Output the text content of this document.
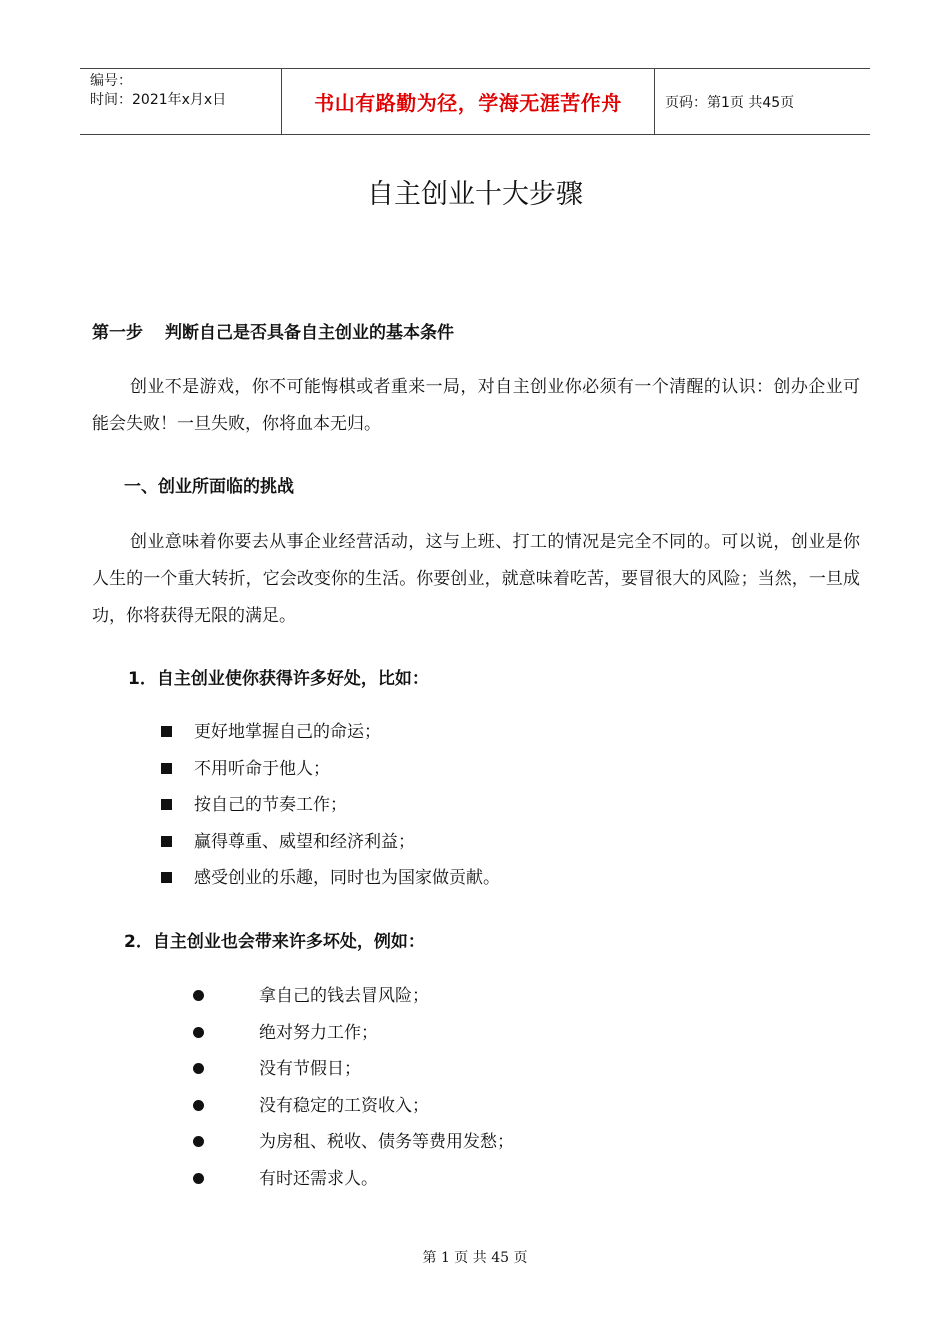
编号：
时间：2021年x月x日	书山有路勤为径，学海无涯苦作舟	页码：第1页 共45页
自主创业十大步骤
第一步 判断自己是否具备自主创业的基本条件

创业不是游戏，你不可能悔棋或者重来一局，对自主创业你必须有一个清醒的认识：创办企业可能会失败！一旦失败，你将血本无归。

一、创业所面临的挑战

创业意味着你要去从事企业经营活动，这与上班、打工的情况是完全不同的。可以说，创业是你人生的一个重大转折，它会改变你的生活。你要创业，就意味着吃苦，要冒很大的风险；当然，一旦成功，你将获得无限的满足。

1．自主创业使你获得许多好处，比如：
更好地掌握自己的命运；
不用听命于他人；
按自己的节奏工作；
赢得尊重、威望和经济利益；
感受创业的乐趣，同时也为国家做贡献。
2．自主创业也会带来许多坏处，例如：
拿自己的钱去冒风险；
绝对努力工作；
没有节假日；
没有稳定的工资收入；
为房租、税收、债务等费用发愁；
有时还需求人。
第 1 页 共 45 页
